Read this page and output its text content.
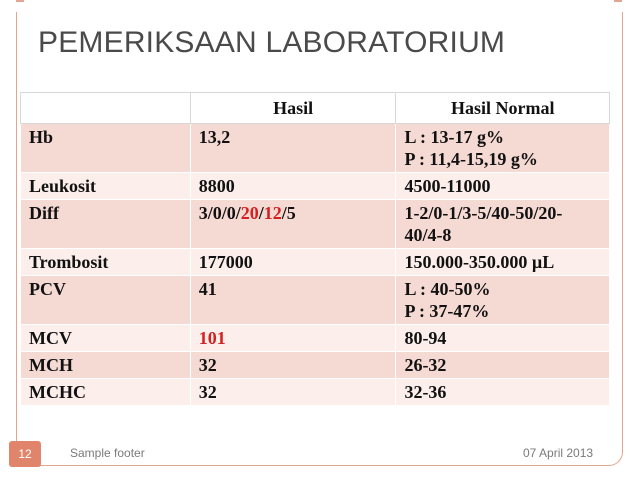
PEMERIKSAAN LABORATORIUM
	Hasil	Hasil Normal
Hb	13,2	L : 13-17 g%
P : 11,4-15,19 g%

Leukosit	8800	4500-11000

Diff	3/0/0/20/12/5	1-2/0-1/3-5/40-50/20-
40/4-8

Trombosit	177000	150.000-350.000 µL

PCV	41	L : 40-50%
P : 37-47%

MCV	101	80-94

MCH	32	26-32

MCHC	32	32-36
12	Sample footer	07 April 2013
